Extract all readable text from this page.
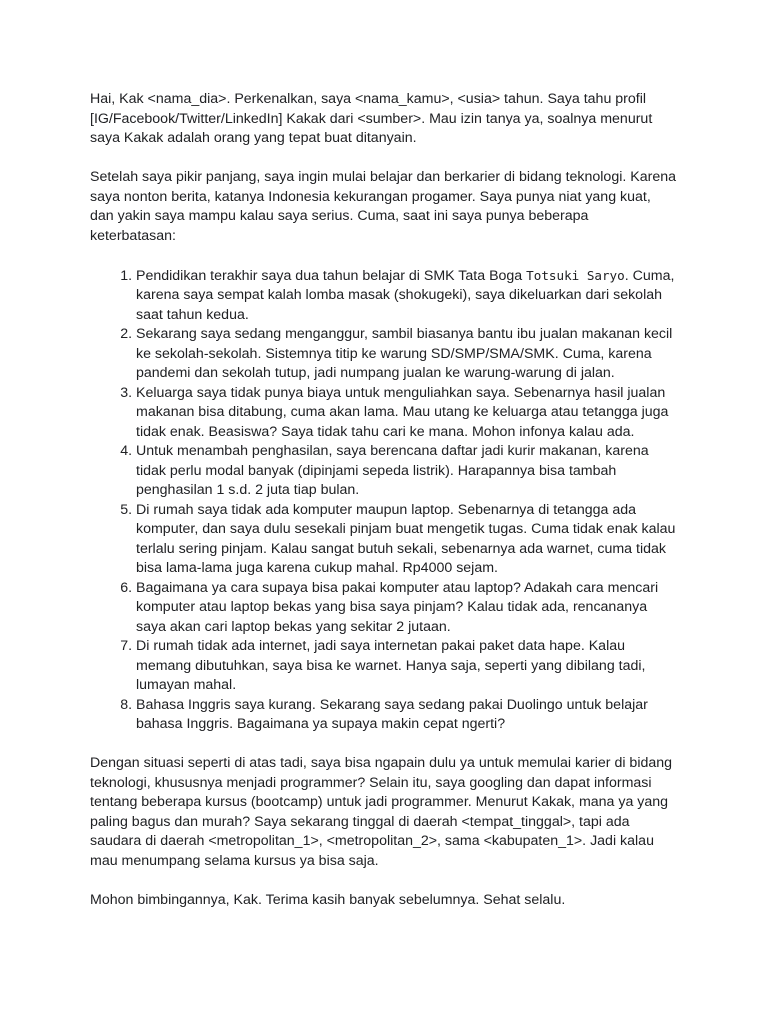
Hai, Kak <nama_dia>. Perkenalkan, saya <nama_kamu>, <usia> tahun. Saya tahu profil [IG/Facebook/Twitter/LinkedIn] Kakak dari <sumber>. Mau izin tanya ya, soalnya menurut saya Kakak adalah orang yang tepat buat ditanyain.

Setelah saya pikir panjang, saya ingin mulai belajar dan berkarier di bidang teknologi. Karena saya nonton berita, katanya Indonesia kekurangan progamer. Saya punya niat yang kuat, dan yakin saya mampu kalau saya serius. Cuma, saat ini saya punya beberapa keterbatasan:

1. Pendidikan terakhir saya dua tahun belajar di SMK Tata Boga Totsuki Saryo. Cuma, karena saya sempat kalah lomba masak (shokugeki), saya dikeluarkan dari sekolah saat tahun kedua.
2. Sekarang saya sedang menganggur, sambil biasanya bantu ibu jualan makanan kecil ke sekolah-sekolah. Sistemnya titip ke warung SD/SMP/SMA/SMK. Cuma, karena pandemi dan sekolah tutup, jadi numpang jualan ke warung-warung di jalan.
3. Keluarga saya tidak punya biaya untuk menguliahkan saya. Sebenarnya hasil jualan makanan bisa ditabung, cuma akan lama. Mau utang ke keluarga atau tetangga juga tidak enak. Beasiswa? Saya tidak tahu cari ke mana. Mohon infonya kalau ada.
4. Untuk menambah penghasilan, saya berencana daftar jadi kurir makanan, karena tidak perlu modal banyak (dipinjami sepeda listrik). Harapannya bisa tambah penghasilan 1 s.d. 2 juta tiap bulan.
5. Di rumah saya tidak ada komputer maupun laptop. Sebenarnya di tetangga ada komputer, dan saya dulu sesekali pinjam buat mengetik tugas. Cuma tidak enak kalau terlalu sering pinjam. Kalau sangat butuh sekali, sebenarnya ada warnet, cuma tidak bisa lama-lama juga karena cukup mahal. Rp4000 sejam.
6. Bagaimana ya cara supaya bisa pakai komputer atau laptop? Adakah cara mencari komputer atau laptop bekas yang bisa saya pinjam? Kalau tidak ada, rencananya saya akan cari laptop bekas yang sekitar 2 jutaan.
7. Di rumah tidak ada internet, jadi saya internetan pakai paket data hape. Kalau memang dibutuhkan, saya bisa ke warnet. Hanya saja, seperti yang dibilang tadi, lumayan mahal.
8. Bahasa Inggris saya kurang. Sekarang saya sedang pakai Duolingo untuk belajar bahasa Inggris. Bagaimana ya supaya makin cepat ngerti?

Dengan situasi seperti di atas tadi, saya bisa ngapain dulu ya untuk memulai karier di bidang teknologi, khususnya menjadi programmer? Selain itu, saya googling dan dapat informasi tentang beberapa kursus (bootcamp) untuk jadi programmer. Menurut Kakak, mana ya yang paling bagus dan murah? Saya sekarang tinggal di daerah <tempat_tinggal>, tapi ada saudara di daerah <metropolitan_1>, <metropolitan_2>, sama <kabupaten_1>. Jadi kalau mau menumpang selama kursus ya bisa saja.

Mohon bimbingannya, Kak. Terima kasih banyak sebelumnya. Sehat selalu.
